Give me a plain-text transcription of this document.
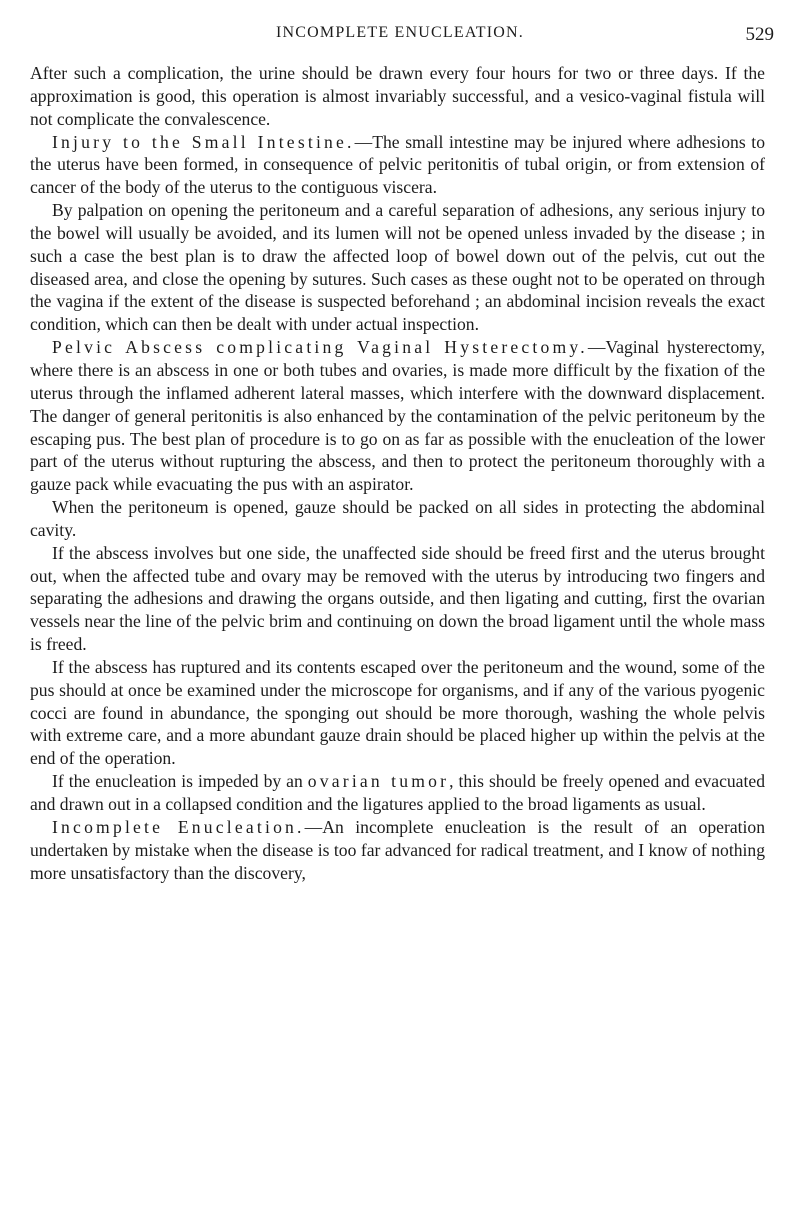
INCOMPLETE ENUCLEATION.	529

After such a complication, the urine should be drawn every four hours for two or three days. If the approximation is good, this operation is almost invariably successful, and a vesico-vaginal fistula will not complicate the convalescence.

Injury to the Small Intestine.—The small intestine may be injured where adhesions to the uterus have been formed, in consequence of pelvic peritonitis of tubal origin, or from extension of cancer of the body of the uterus to the contiguous viscera.

By palpation on opening the peritoneum and a careful separation of adhesions, any serious injury to the bowel will usually be avoided, and its lumen will not be opened unless invaded by the disease ; in such a case the best plan is to draw the affected loop of bowel down out of the pelvis, cut out the diseased area, and close the opening by sutures. Such cases as these ought not to be operated on through the vagina if the extent of the disease is suspected beforehand ; an abdominal incision reveals the exact condition, which can then be dealt with under actual inspection.

Pelvic Abscess complicating Vaginal Hysterectomy.—Vaginal hysterectomy, where there is an abscess in one or both tubes and ovaries, is made more difficult by the fixation of the uterus through the inflamed adherent lateral masses, which interfere with the downward displacement. The danger of general peritonitis is also enhanced by the contamination of the pelvic peritoneum by the escaping pus. The best plan of procedure is to go on as far as possible with the enucleation of the lower part of the uterus without rupturing the abscess, and then to protect the peritoneum thoroughly with a gauze pack while evacuating the pus with an aspirator.

When the peritoneum is opened, gauze should be packed on all sides in protecting the abdominal cavity.

If the abscess involves but one side, the unaffected side should be freed first and the uterus brought out, when the affected tube and ovary may be removed with the uterus by introducing two fingers and separating the adhesions and drawing the organs outside, and then ligating and cutting, first the ovarian vessels near the line of the pelvic brim and continuing on down the broad ligament until the whole mass is freed.

If the abscess has ruptured and its contents escaped over the peritoneum and the wound, some of the pus should at once be examined under the microscope for organisms, and if any of the various pyogenic cocci are found in abundance, the sponging out should be more thorough, washing the whole pelvis with extreme care, and a more abundant gauze drain should be placed higher up within the pelvis at the end of the operation.

If the enucleation is impeded by an ovarian tumor, this should be freely opened and evacuated and drawn out in a collapsed condition and the ligatures applied to the broad ligaments as usual.

Incomplete Enucleation.—An incomplete enucleation is the result of an operation undertaken by mistake when the disease is too far advanced for radical treatment, and I know of nothing more unsatisfactory than the discovery,
